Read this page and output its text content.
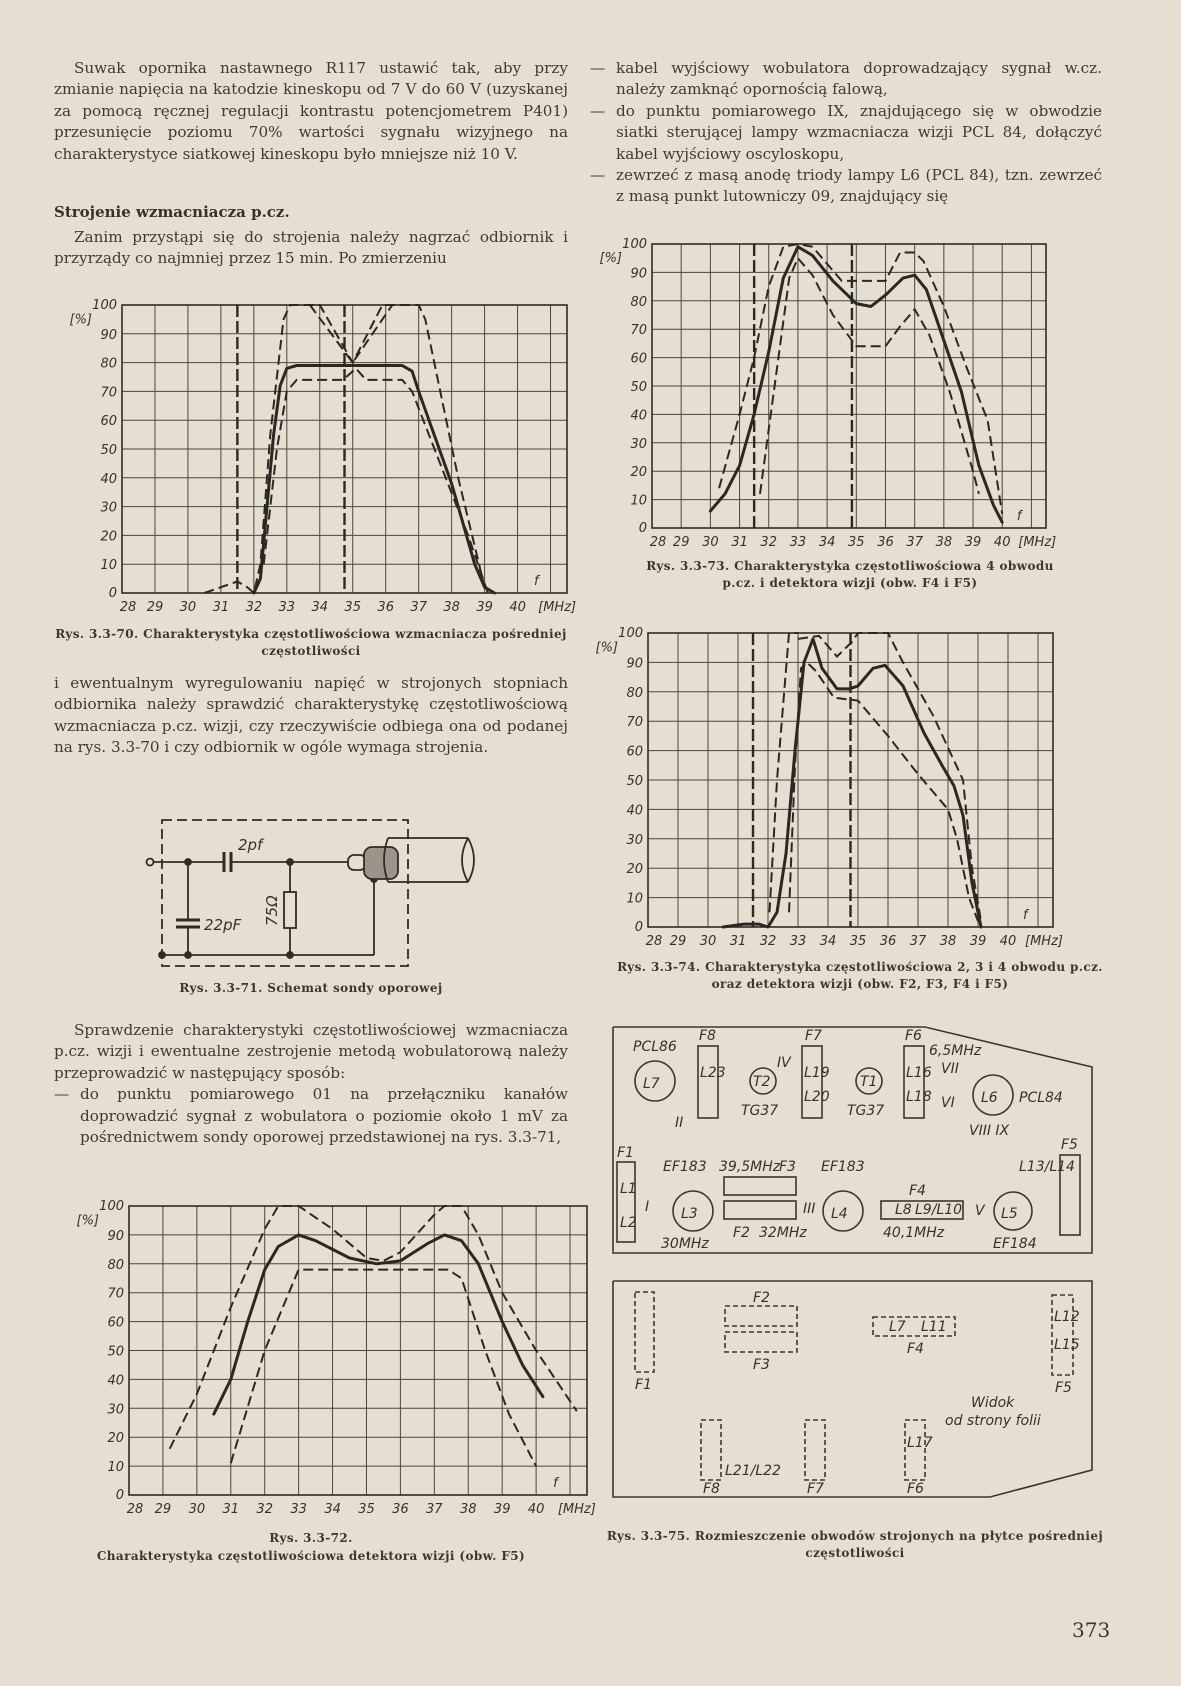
Suwak opornika nastawnego R117 ustawić tak, aby przy zmianie napięcia na katodzie kineskopu od 7 V do 60 V (uzyskanej za pomocą ręcznej regulacji kontrastu potencjometrem P401) przesunięcie poziomu 70% wartości sygnału wizyjnego na charakterystyce siatkowej kineskopu było mniejsze niż 10 V.

Strojenie wzmacniacza p.cz.

Zanim przystąpi się do strojenia należy nagrzać odbiornik i przyrządy co najmniej przez 15 min. Po zmierzeniu

28 29 30 31 32 33 34 35 36 37 38 39 40 [MHz]
10
20
30
40
50
60
70
80
90
100
0
[%]
f
Rys. 3.3-70. Charakterystyka częstotliwościowa wzmacniacza pośredniej częstotliwości

i ewentualnym wyregulowaniu napięć w strojonych stopniach odbiornika należy sprawdzić charakterystykę częstotliwościową wzmacniacza p.cz. wizji, czy rzeczywiście odbiega ona od podanej na rys. 3.3-70 i czy odbiornik w ogóle wymaga strojenia.

2pf
22pF 75Ω
Rys. 3.3-71. Schemat sondy oporowej

Sprawdzenie charakterystyki częstotliwościowej wzmacniacza p.cz. wizji i ewentualne zestrojenie metodą wobulatorową należy przeprowadzić w następujący sposób:

— do punktu pomiarowego 01 na przełączniku kanałów doprowadzić sygnał z wobulatora o poziomie około 1 mV za pośrednictwem sondy oporowej przedstawionej na rys. 3.3-71,
28 29 30 31 32 33 34 35 36 37 38 39 40 [MHz]
10
20
30
40
50
60
70
80
90
100
0
[%]
f
Rys. 3.3-72.
Charakterystyka częstotliwościowa detektora wizji (obw. F5)
— kabel wyjściowy wobulatora doprowadzający sygnał w.cz. należy zamknąć opornością falową,
— do punktu pomiarowego IX, znajdującego się w obwodzie siatki sterującej lampy wzmacniacza wizji PCL 84, dołączyć kabel wyjściowy oscyloskopu,
— zewrzeć z masą anodę triody lampy L6 (PCL 84), tzn. zewrzeć z masą punkt lutowniczy 09, znajdujący się
28 29 30 31 32 33 34 35 36 37 38 39 40 [MHz]
10
20
30
40
50
60
70
80
90
100
0
[%]
f
Rys. 3.3-73. Charakterystyka częstotliwościowa 4 obwodu p.cz. i detektora wizji (obw. F4 i F5)
28 29 30 31 32 33 34 35 36 37 38 39 40 [MHz]
10
20
30
40
50
60
70
80
90
100
0
[%]
f
Rys. 3.3-74. Charakterystyka częstotliwościowa 2, 3 i 4 obwodu p.cz. oraz detektora wizji (obw. F2, F3, F4 i F5)
PCL86
L7
II
F8
L23
T2
TG37
IV
F7
L19
L20
T1
TG37
F6
L16
L18
6,5MHz
VII
VI L6 PCL84
VIII IX
F1
L1
L2
I
EF183
L3
30MHz
39,5MHz
F3
F2 32MHz
III
EF183
L4
F4
L8 L9/L10
40,1MHz
V L5
EF184
F5
L13/L14
F1
F2
F3
L7 L11
F4
L12
L15
F5
Widok
od strony folii
L17
L21/L22
F8	F7	F6
Rys. 3.3-75. Rozmieszczenie obwodów strojonych na płytce pośredniej częstotliwości
373
